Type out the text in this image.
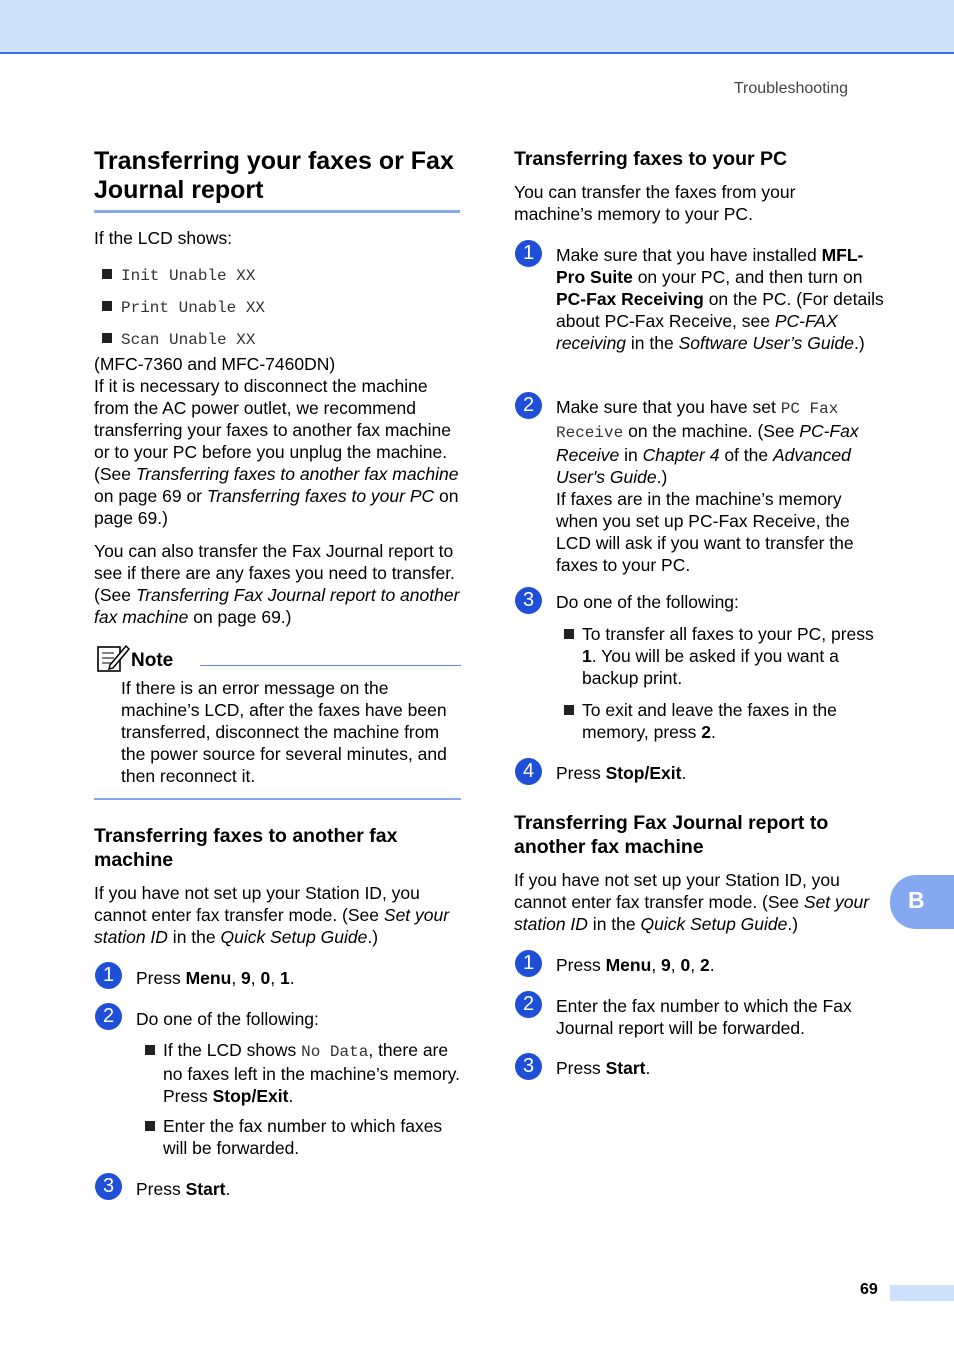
Troubleshooting
Transferring your faxes or Fax Journal report

If the LCD shows:

Init Unable XX
Print Unable XX
Scan Unable XX
(MFC-7360 and MFC-7460DN)
If it is necessary to disconnect the machine from the AC power outlet, we recommend transferring your faxes to another fax machine or to your PC before you unplug the machine. (See Transferring faxes to another fax machine on page 69 or Transferring faxes to your PC on page 69.)
You can also transfer the Fax Journal report to see if there are any faxes you need to transfer. (See Transferring Fax Journal report to another fax machine on page 69.)
Note

If there is an error message on the machine’s LCD, after the faxes have been transferred, disconnect the machine from the power source for several minutes, and then reconnect it.

Transferring faxes to another fax machine
If you have not set up your Station ID, you cannot enter fax transfer mode. (See Set your station ID in the Quick Setup Guide.)
1	Press Menu, 9, 0, 1.
2	Do one of the following:
If the LCD shows No Data, there are no faxes left in the machine’s memory. Press Stop/Exit.
Enter the fax number to which faxes will be forwarded.
3	Press Start.
Transferring faxes to your PC

You can transfer the faxes from your machine’s memory to your PC.

1	Make sure that you have installed MFL-Pro Suite on your PC, and then turn on PC-Fax Receiving on the PC. (For details about PC-Fax Receive, see PC-FAX receiving in the Software User’s Guide.)
2	Make sure that you have set PC Fax Receive on the machine. (See PC-Fax Receive in Chapter 4 of the Advanced User's Guide.)
If faxes are in the machine’s memory when you set up PC-Fax Receive, the LCD will ask if you want to transfer the faxes to your PC.
3	Do one of the following:
To transfer all faxes to your PC, press 1. You will be asked if you want a backup print.
To exit and leave the faxes in the memory, press 2.
4	Press Stop/Exit.
Transferring Fax Journal report to another fax machine
If you have not set up your Station ID, you cannot enter fax transfer mode. (See Set your station ID in the Quick Setup Guide.)
1	Press Menu, 9, 0, 2.
2	Enter the fax number to which the Fax Journal report will be forwarded.
3	Press Start.
B
69
